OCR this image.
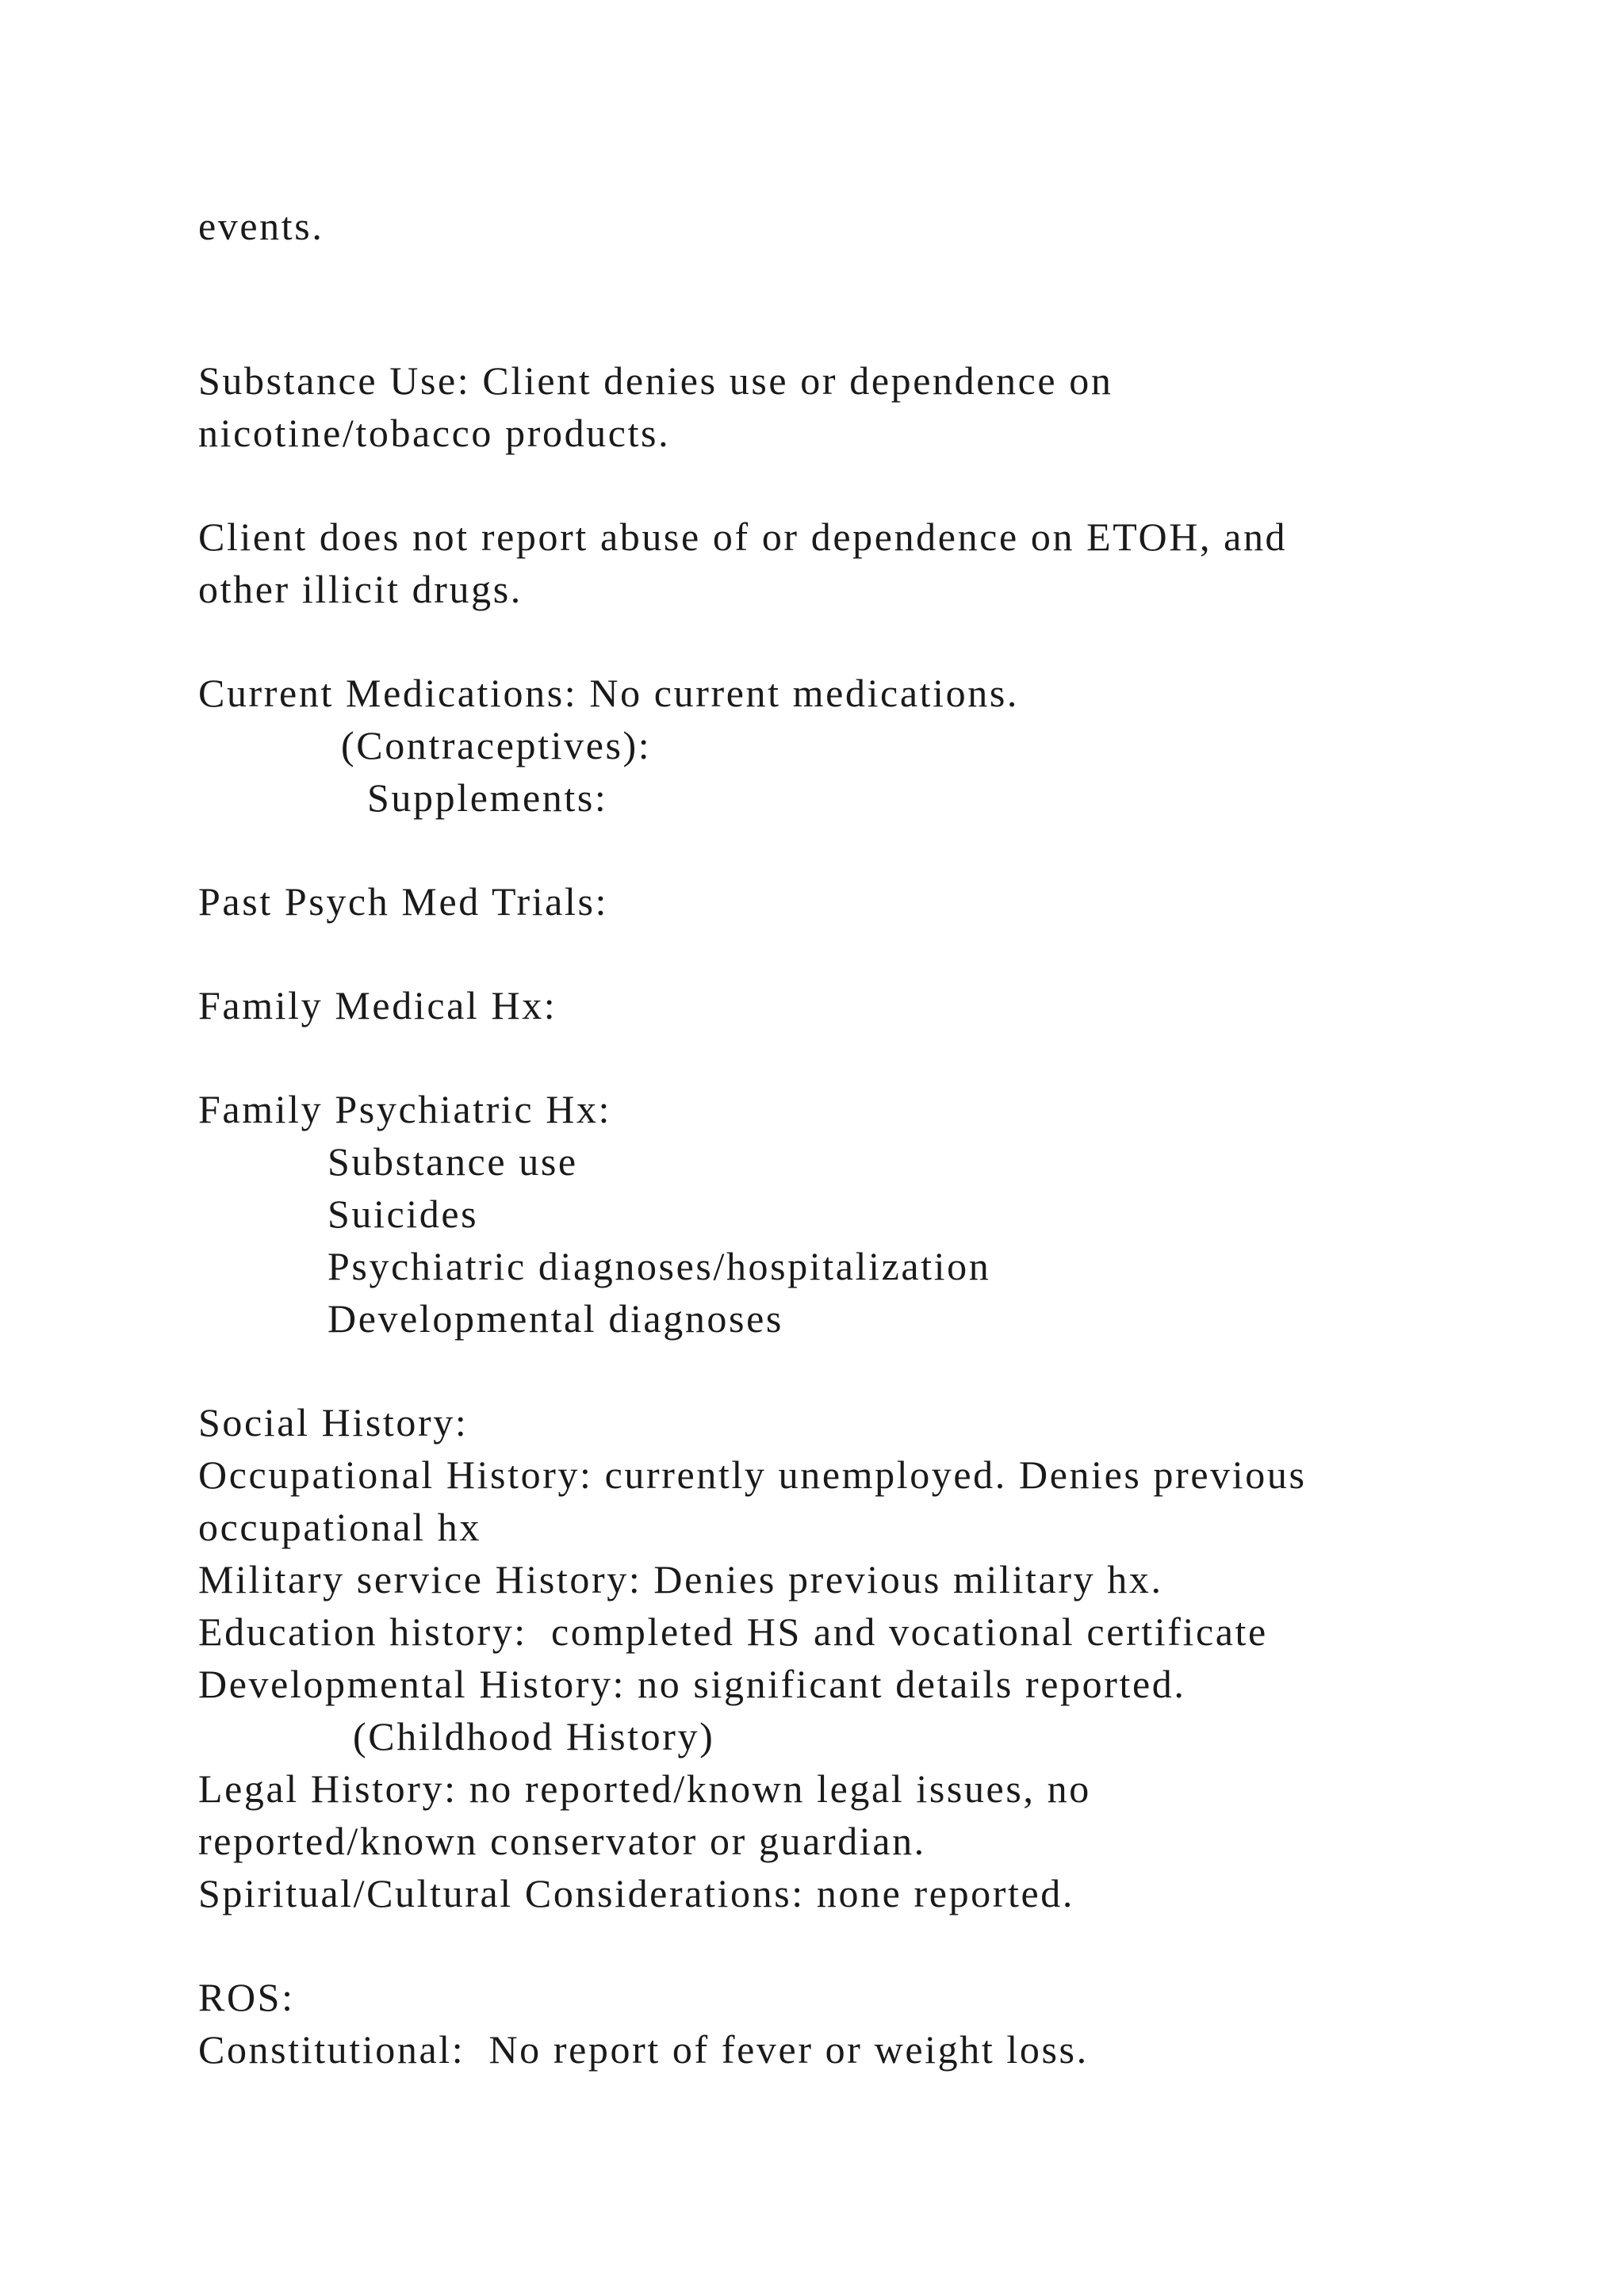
events.

Substance Use: Client denies use or dependence on

nicotine/tobacco products.

Client does not report abuse of or dependence on ETOH, and

other illicit drugs.

Current Medications: No current medications.

(Contraceptives):

Supplements:

Past Psych Med Trials:

Family Medical Hx:

Family Psychiatric Hx:

Substance use

Suicides

Psychiatric diagnoses/hospitalization

Developmental diagnoses

Social History:

Occupational History: currently unemployed. Denies previous

occupational hx

Military service History: Denies previous military hx.

Education history:  completed HS and vocational certificate

Developmental History: no significant details reported.

(Childhood History)

Legal History: no reported/known legal issues, no

reported/known conservator or guardian.

Spiritual/Cultural Considerations: none reported.

ROS:

Constitutional:  No report of fever or weight loss.
